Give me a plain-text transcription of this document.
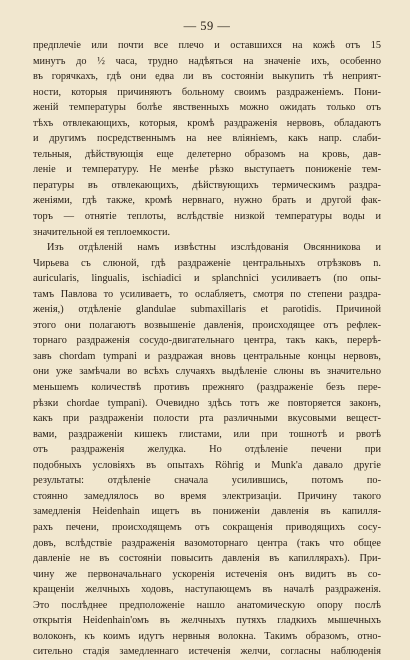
— 59 —
предплечіе или почти все плечо и оставшихся на кожѣ отъ 15
минутъ до ½ часа, трудно надѣяться на значеніе ихъ, особенно
въ горячкахъ, гдѣ они едва ли въ состояніи выкупить тѣ неприят-
ности, которыя причиняютъ больному своимъ раздраженіемъ. Пони-
женій температуры болѣе явственныхъ можно ожидать только отъ
тѣхъ отвлекающихъ, которыя, кромѣ раздраженія нервовъ, обладаютъ
и другимъ посредственнымъ на нее вліяніемъ, какъ напр. слаби-
тельныя, дѣйствующія еще делетерно образомъ на кровь, дав-
леніе и температуру. Не менѣе рѣзко выступаетъ пониженіе тем-
пературы въ отвлекающихъ, дѣйствующихъ термическимъ раздра-
женіями, гдѣ также, кромѣ нервнаго, нужно брать и другой фак-
торъ — отнятіе теплоты, вслѣдствіе низкой температуры воды и
значительной ея теплоемкости.
Изъ отдѣленій намъ извѣстны изслѣдованія Овсянникова и
Чирьева съ слюной, гдѣ раздраженіе центральныхъ отрѣзковъ n.
auricularis, lingualis, ischiadici и splanchnici усиливаетъ (по опы-
тамъ Павлова то усиливаетъ, то ослабляетъ, смотря по степени раздра-
женія,) отдѣленіе glandulae submaxillaris et parotidis. Причиной
этого они полагаютъ возвышеніе давленія, происходящее отъ рефлек-
торнаго раздраженія сосудо-двигательнаго центра, такъ какъ, перерѣ-
завъ chordam tympani и раздражая вновь центральные концы нервовъ,
они уже замѣчали во всѣхъ случаяхъ выдѣленіе слюны въ значительно
меньшемъ количествѣ противъ прежняго (раздраженіе безъ пере-
рѣзки chordae tympani). Очевидно здѣсь тотъ же повторяется законъ,
какъ при раздраженіи полости рта различными вкусовыми вещест-
вами, раздраженіи кишекъ глистами, или при тошнотѣ и рвотѣ
отъ раздраженія желудка. Но отдѣленіе печени при
подобныхъ условіяхъ въ опытахъ Röhrig и Munk'а давало другіе
результаты: отдѣленіе сначала усилившись, потомъ по-
стоянно замедлялось во время электризаціи. Причину такого
замедленія Heidenhain ищетъ въ пониженіи давленія въ капилля-
рахъ печени, происходящемъ отъ сокращенія приводящихъ сосу-
довъ, вслѣдствіе раздраженія вазомоторнаго центра (такъ что общее
давленіе не въ состояніи повысить давленія въ капиллярахъ). При-
чину же первоначальнаго ускоренія истеченія онъ видитъ въ со-
кращеніи желчныхъ ходовъ, наступающемъ въ началѣ раздраженія.
Это послѣднее предположеніе нашло анатомическую опору послѣ
открытія Heidenhain'омъ въ желчныхъ путяхъ гладкихъ мышечныхъ
волоконъ, къ коимъ идутъ нервныя волокна. Такимъ образомъ, отно-
сительно стадія замедленнаго истеченія желчи, согласны наблюденія
